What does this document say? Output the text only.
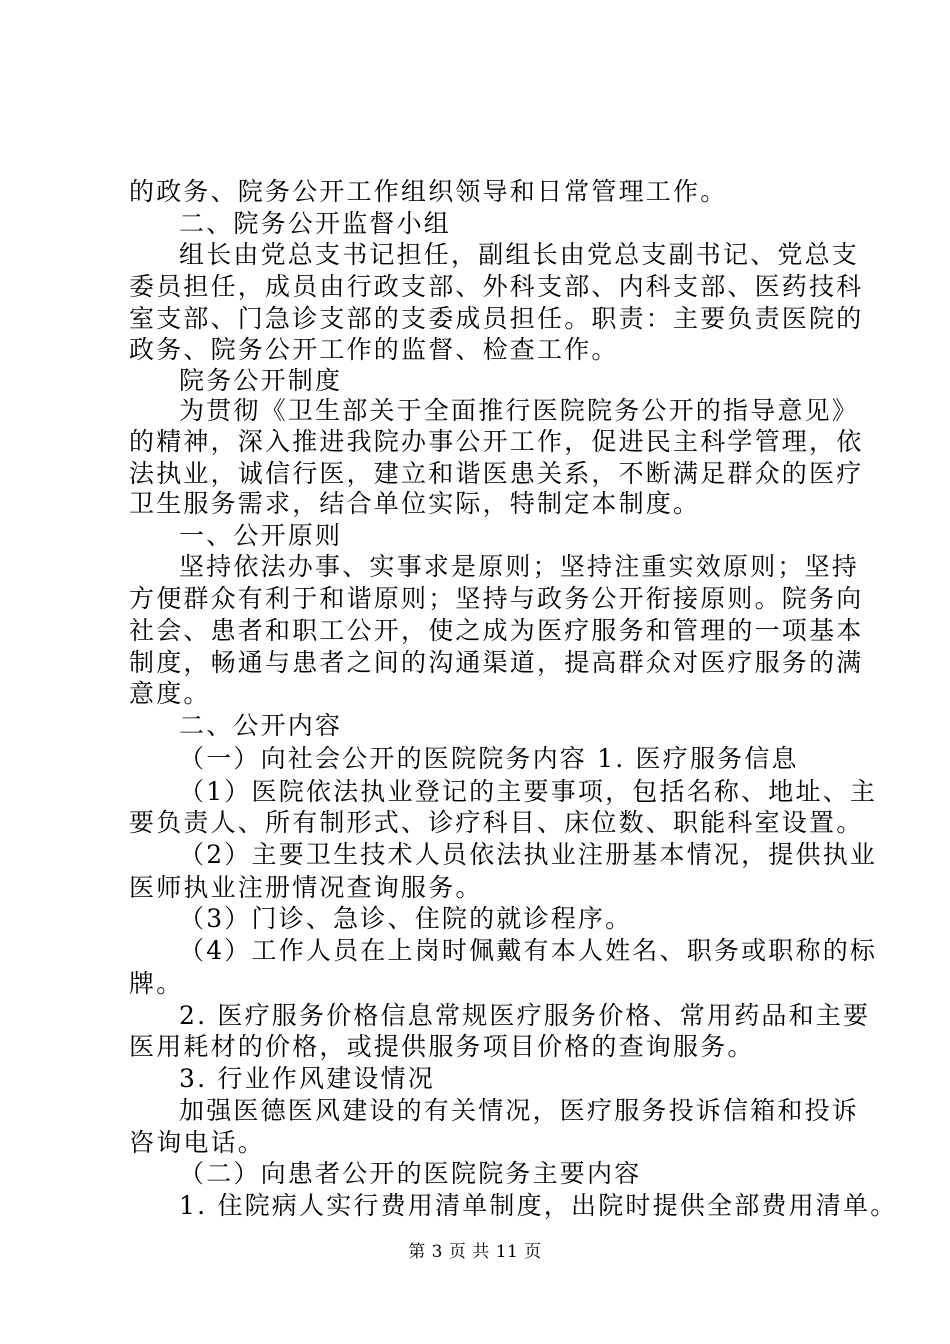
的政务、院务公开工作组织领导和日常管理工作。
二、院务公开监督小组
组长由党总支书记担任，副组长由党总支副书记、党总支
委员担任，成员由行政支部、外科支部、内科支部、医药技科
室支部、门急诊支部的支委成员担任。职责：主要负责医院的
政务、院务公开工作的监督、检查工作。
院务公开制度
为贯彻《卫生部关于全面推行医院院务公开的指导意见》
的精神，深入推进我院办事公开工作，促进民主科学管理，依
法执业，诚信行医，建立和谐医患关系，不断满足群众的医疗
卫生服务需求，结合单位实际，特制定本制度。
一、公开原则
坚持依法办事、实事求是原则；坚持注重实效原则；坚持
方便群众有利于和谐原则；坚持与政务公开衔接原则。院务向
社会、患者和职工公开，使之成为医疗服务和管理的一项基本
制度，畅通与患者之间的沟通渠道，提高群众对医疗服务的满
意度。
二、公开内容
（一）向社会公开的医院院务内容 1. 医疗服务信息
（1）医院依法执业登记的主要事项，包括名称、地址、主
要负责人、所有制形式、诊疗科目、床位数、职能科室设置。
（2）主要卫生技术人员依法执业注册基本情况，提供执业
医师执业注册情况查询服务。
（3）门诊、急诊、住院的就诊程序。
（4）工作人员在上岗时佩戴有本人姓名、职务或职称的标
牌。
2. 医疗服务价格信息常规医疗服务价格、常用药品和主要
医用耗材的价格，或提供服务项目价格的查询服务。
3. 行业作风建设情况
加强医德医风建设的有关情况，医疗服务投诉信箱和投诉
咨询电话。
（二）向患者公开的医院院务主要内容
1. 住院病人实行费用清单制度，出院时提供全部费用清单。
第 3 页 共 11 页
